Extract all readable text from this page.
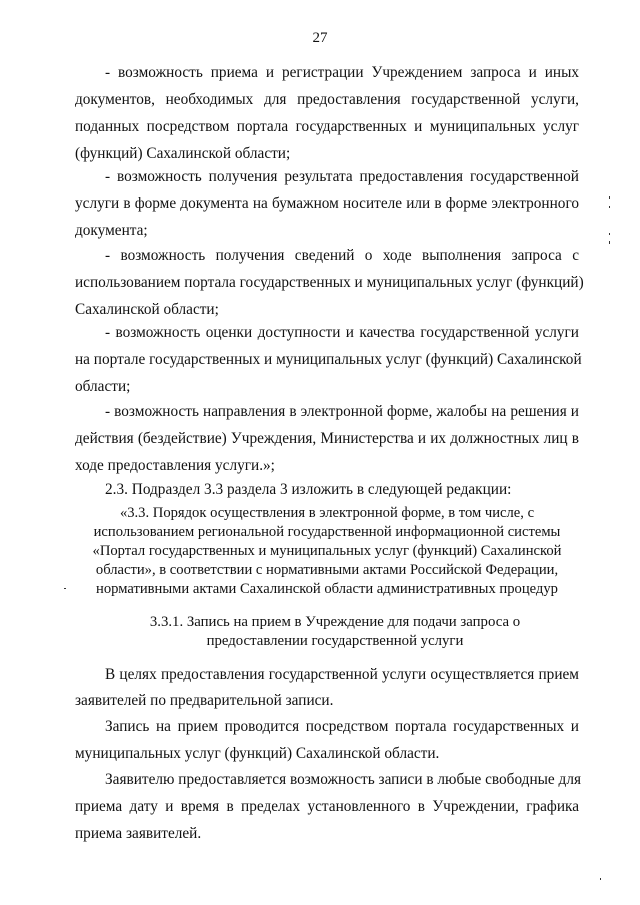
27
- возможность приема и регистрации Учреждением запроса и иных
документов, необходимых для предоставления государственной услуги,
поданных посредством портала государственных и муниципальных услуг
(функций) Сахалинской области;
- возможность получения результата предоставления государственной
услуги в форме документа на бумажном носителе или в форме электронного
документа;
- возможность получения сведений о ходе выполнения запроса с
использованием портала государственных и муниципальных услуг (функций)
Сахалинской области;
- возможность оценки доступности и качества государственной услуги
на портале государственных и муниципальных услуг (функций) Сахалинской
области;
- возможность направления в электронной форме, жалобы на решения и
действия (бездействие) Учреждения, Министерства и их должностных лиц в
ходе предоставления услуги.»;
2.3. Подраздел 3.3 раздела 3 изложить в следующей редакции:
«3.3. Порядок осуществления в электронной форме, в том числе, с
использованием региональной государственной информационной системы
«Портал государственных и муниципальных услуг (функций) Сахалинской
области», в соответствии с нормативными актами Российской Федерации,
нормативными актами Сахалинской области административных процедур
3.3.1. Запись на прием в Учреждение для подачи запроса о
предоставлении государственной услуги
В целях предоставления государственной услуги осуществляется прием
заявителей по предварительной записи.
Запись на прием проводится посредством портала государственных и
муниципальных услуг (функций) Сахалинской области.
Заявителю предоставляется возможность записи в любые свободные для
приема дату и время в пределах установленного в Учреждении, графика
приема заявителей.
